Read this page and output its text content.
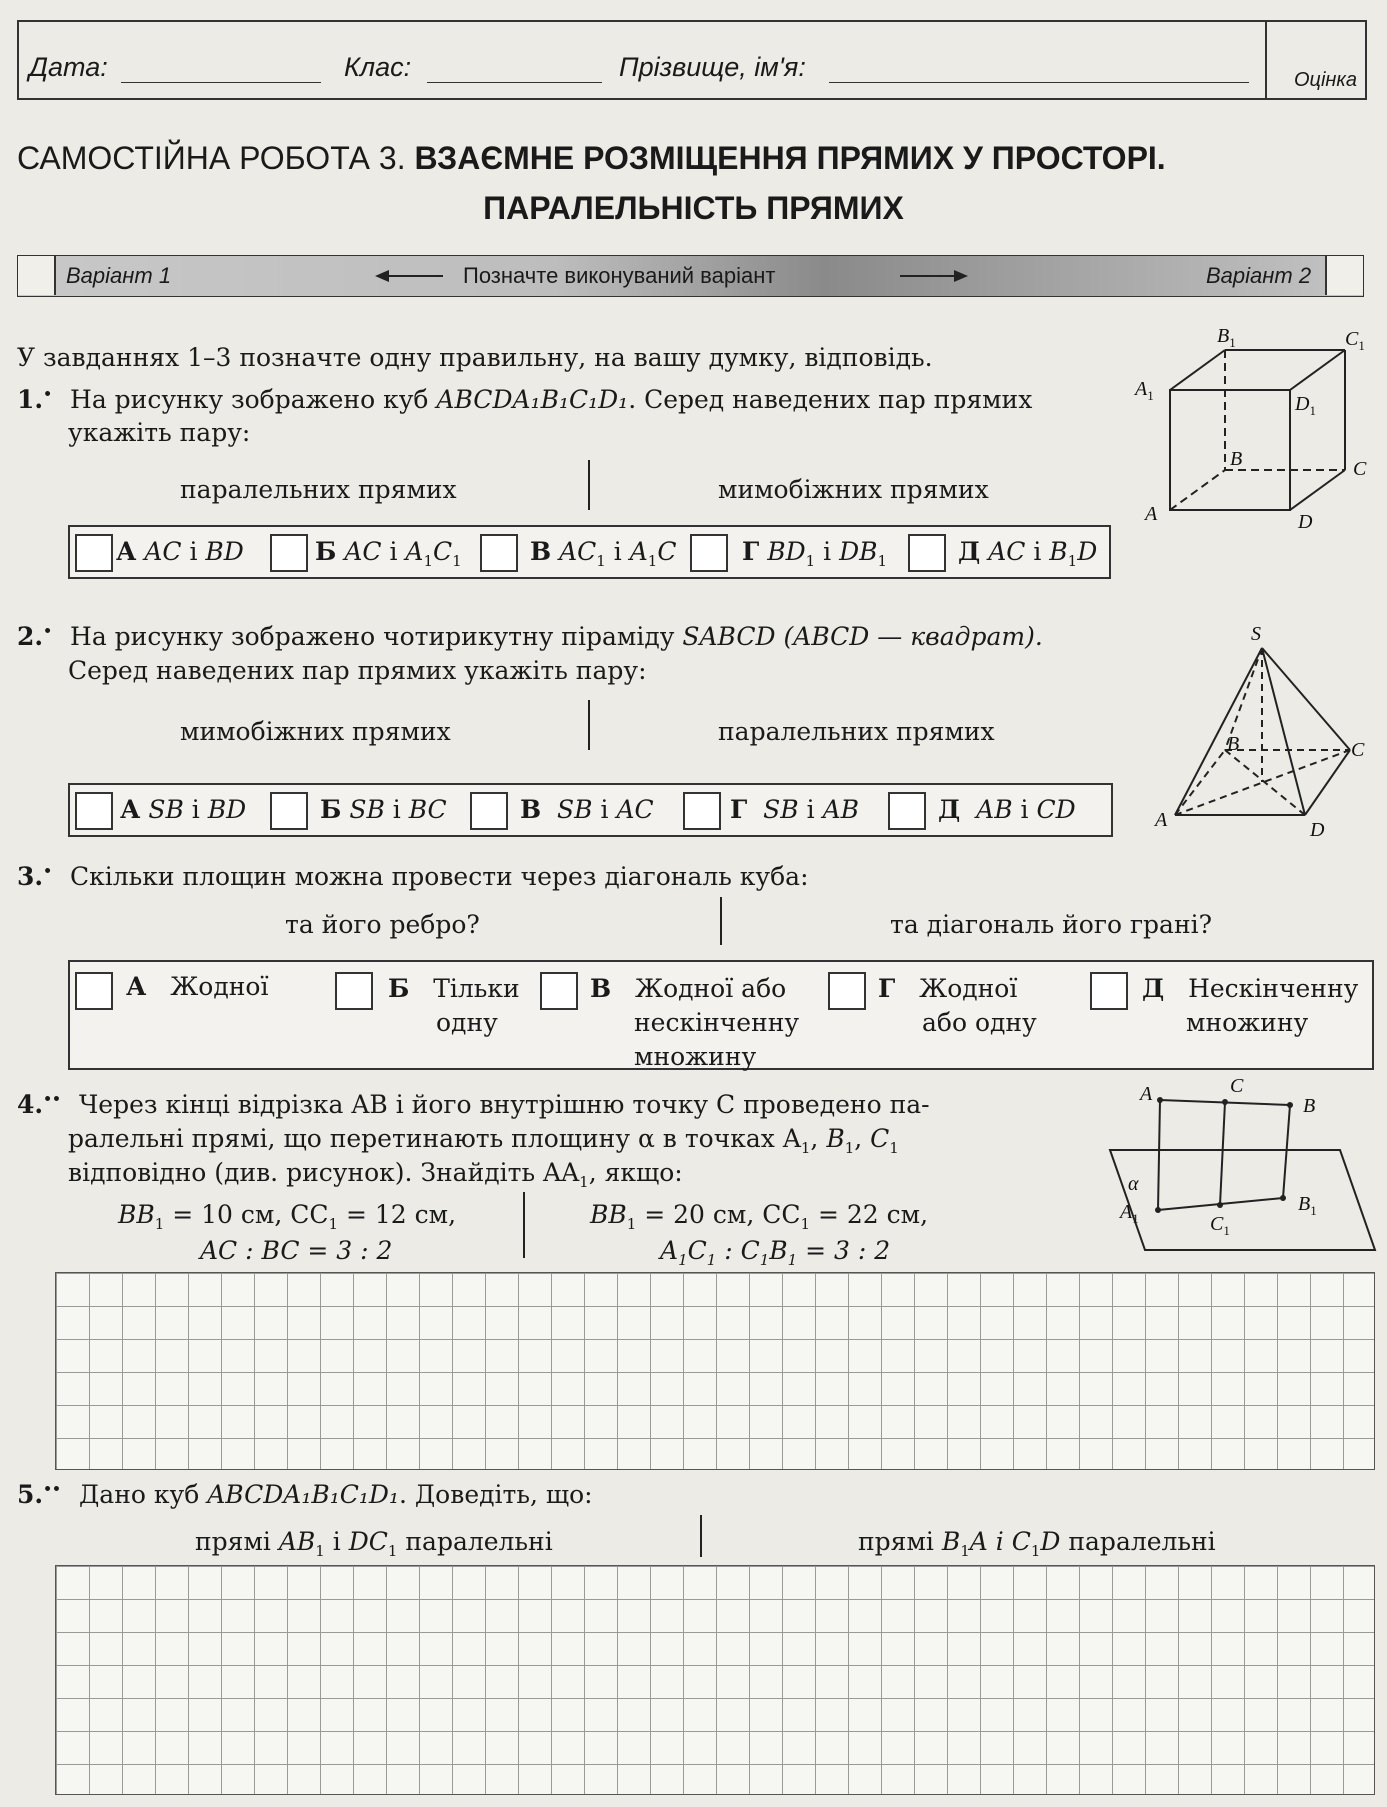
Дата:	Клас:	Прізвище, ім'я:	Оцінка
САМОСТІЙНА РОБОТА 3. ВЗАЄМНЕ РОЗМІЩЕННЯ ПРЯМИХ У ПРОСТОРІ.
ПАРАЛЕЛЬНІСТЬ ПРЯМИХ
Варіант 1	Позначте виконуваний варіант	Варіант 2
У завданнях 1–3 позначте одну правильну, на вашу думку, відповідь.
1.• На рисунку зображено куб ABCDA₁B₁C₁D₁. Серед наведених пар прямих
укажіть пару:
паралельних прямих	мимобіжних прямих
А AC і BD	Б AC і $A_1C_1$	В $AC_1$ і $A_1C$	Г $BD_1$ і $DB_1$	Д AC і $B_1D$
$B_1$	$C_1$
$A_1$	$D_1$
B	C
A	D
2.• На рисунку зображено чотирикутну піраміду SABCD (ABCD — квадрат).
Серед наведених пар прямих укажіть пару:
мимобіжних прямих	паралельних прямих
А SB і BD	Б SB і BC	В SB і AC	Г SB і AB	Д AB і CD
S
B	C
A	D
3.• Скільки площин можна провести через діагональ куба:
та його ребро?	та діагональ його грані?
А Жодної	Б Тільки
одну
В Жодної або
нескінченну
множину
Г Жодної
або одну
Д Нескінченну
множину
4.•• Через кінці відрізка AB і його внутрішню точку C проведено па-
ралельні прямі, що перетинають площину α в точках $A_1$, $B_1$, $C_1$
відповідно (див. рисунок). Знайдіть $AA_1$, якщо:
$BB_1 = 10$ см, $CC_1 = 12$ см,
AC : BC = 3 : 2
$BB_1 = 20$ см, $CC_1 = 22$ см,
$A_1C_1$ : $C_1B_1 = 3$ : 2
A	C
B
α
$A_1$	$C_1$
$B_1$
5.•• Дано куб ABCDA₁B₁C₁D₁. Доведіть, що:
прямі $AB_1$ і $DC_1$ паралельні	прямі $B_1A$ і $C_1D$ паралельні
